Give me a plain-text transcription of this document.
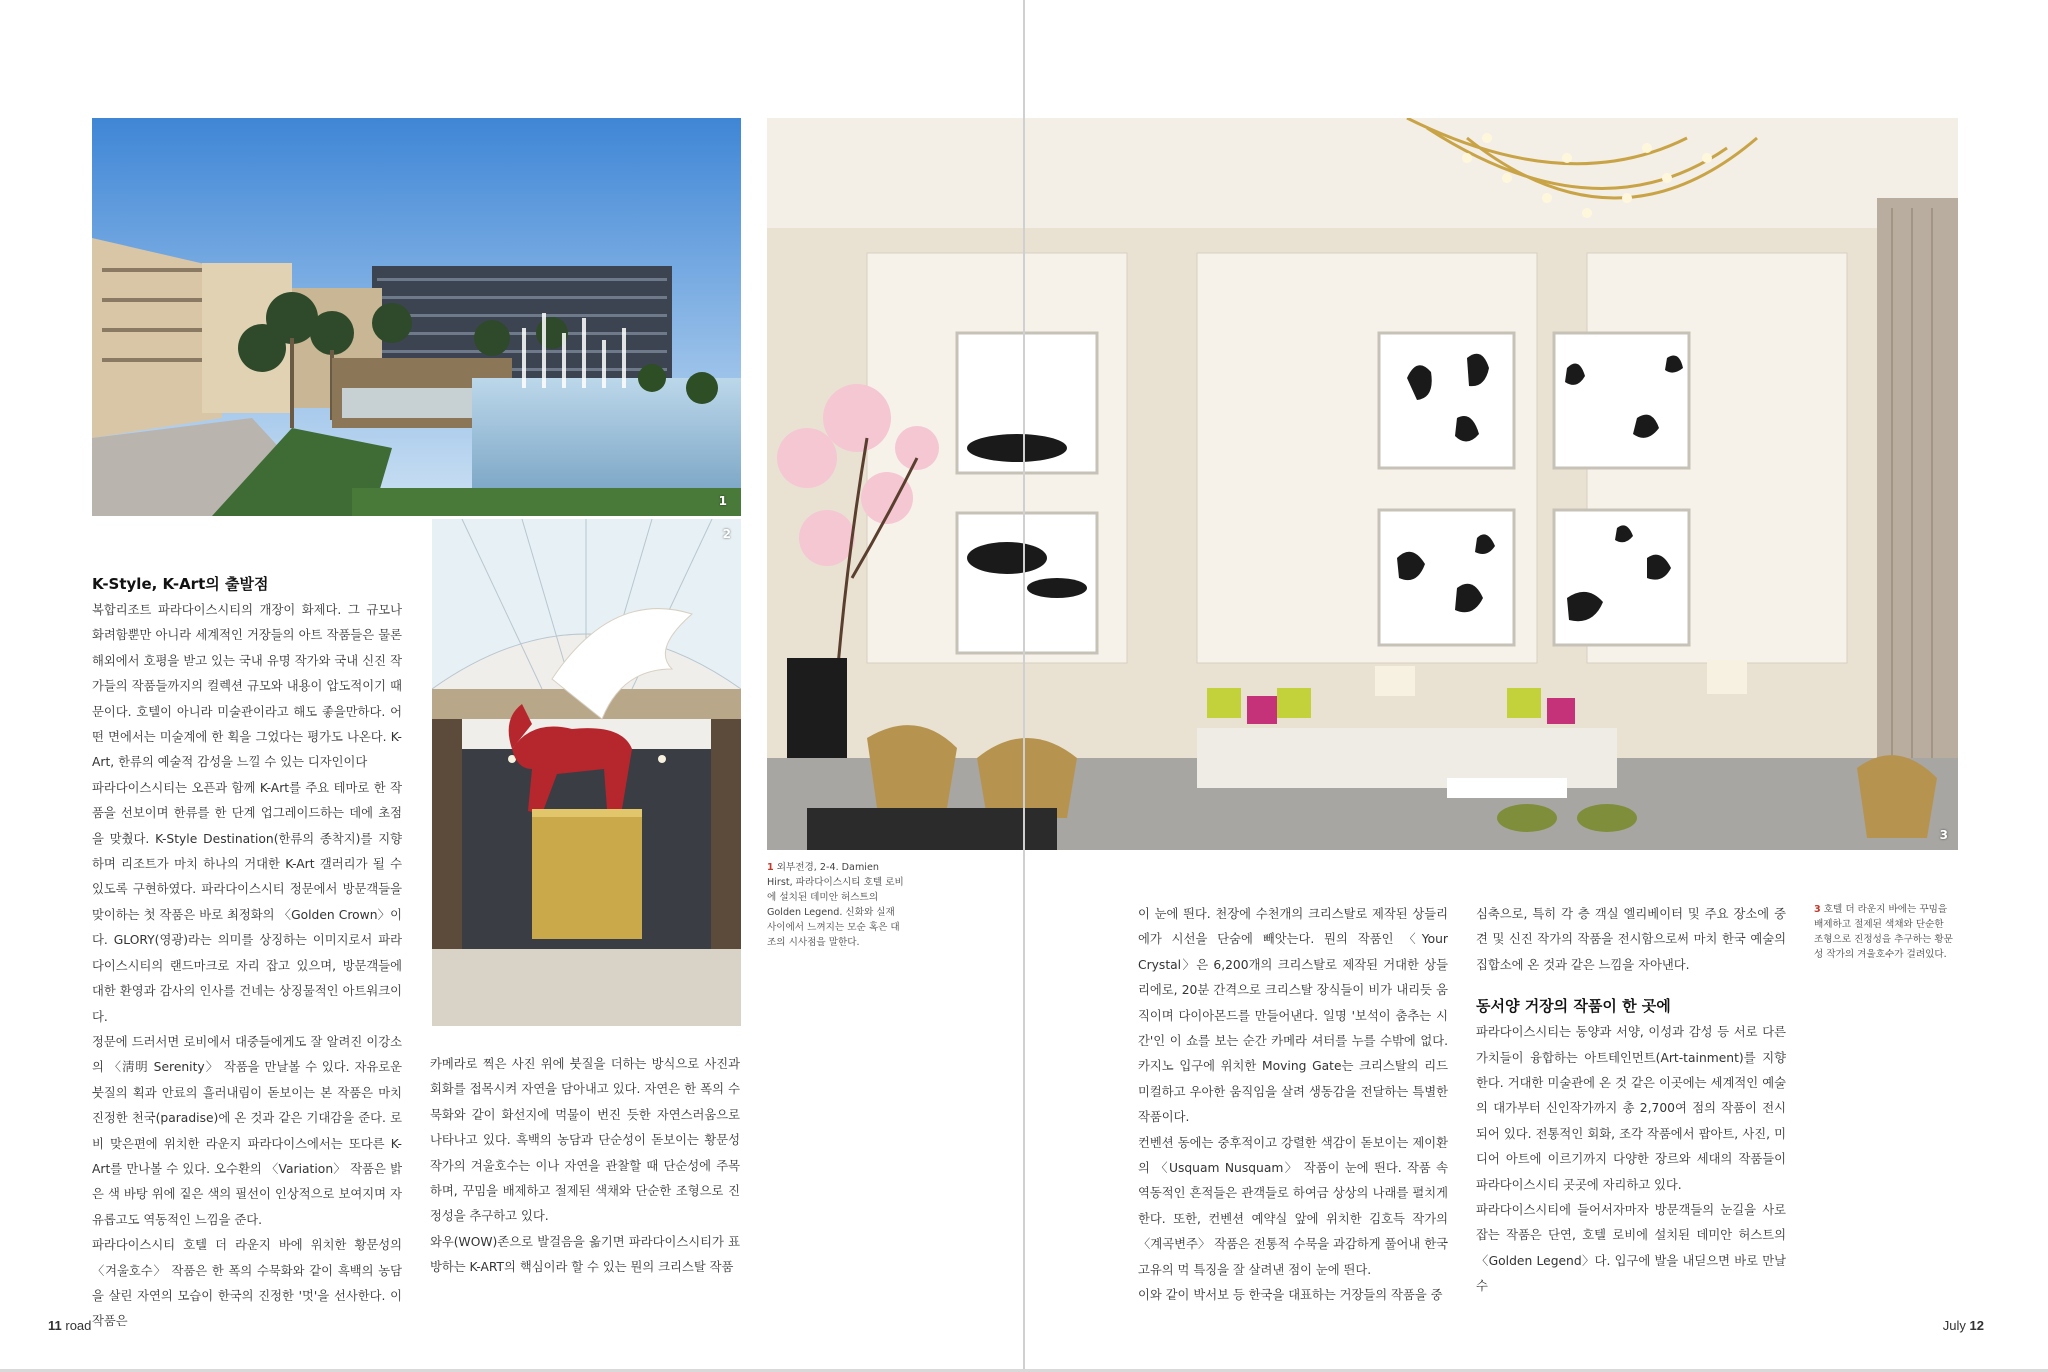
1
2
3
K-Style, K-Art의 출발점

복합리조트 파라다이스시티의 개장이 화제다. 그 규모나 화려함뿐만 아니라 세계적인 거장들의 아트 작품들은 물론 해외에서 호평을 받고 있는 국내 유명 작가와 국내 신진 작가들의 작품들까지의 컬렉션 규모와 내용이 압도적이기 때문이다. 호텔이 아니라 미술관이라고 해도 좋을만하다. 어떤 면에서는 미술계에 한 획을 그었다는 평가도 나온다. K-Art, 한류의 예술적 감성을 느낄 수 있는 디자인이다

파라다이스시티는 오픈과 함께 K-Art를 주요 테마로 한 작품을 선보이며 한류를 한 단계 업그레이드하는 데에 초점을 맞췄다. K-Style Destination(한류의 종착지)를 지향하며 리조트가 마치 하나의 거대한 K-Art 갤러리가 될 수 있도록 구현하였다. 파라다이스시티 정문에서 방문객들을 맞이하는 첫 작품은 바로 최정화의 〈Golden Crown〉이다. GLORY(영광)라는 의미를 상징하는 이미지로서 파라다이스시티의 랜드마크로 자리 잡고 있으며, 방문객들에 대한 환영과 감사의 인사를 건네는 상징물적인 아트워크이다.

정문에 드러서면 로비에서 대중들에게도 잘 알려진 이강소의 〈淸明 Serenity〉 작품을 만날볼 수 있다. 자유로운 붓질의 획과 안료의 흘러내림이 돋보이는 본 작품은 마치 진정한 천국(paradise)에 온 것과 같은 기대감을 준다. 로비 맞은편에 위치한 라운지 파라다이스에서는 또다른 K-Art를 만나볼 수 있다. 오수환의 〈Variation〉 작품은 밝은 색 바탕 위에 짙은 색의 필선이 인상적으로 보여지며 자유롭고도 역동적인 느낌을 준다.

파라다이스시티 호텔 더 라운지 바에 위치한 황문성의 〈겨울호수〉 작품은 한 폭의 수묵화와 같이 흑백의 농담을 살린 자연의 모습이 한국의 진정한 '멋'을 선사한다. 이 작품은

카메라로 찍은 사진 위에 붓질을 더하는 방식으로 사진과 회화를 접목시켜 자연을 담아내고 있다. 자연은 한 폭의 수묵화와 같이 화선지에 먹물이 번진 듯한 자연스러움으로 나타나고 있다. 흑백의 농담과 단순성이 돋보이는 황문성 작가의 겨울호수는 이나 자연을 관찰할 때 단순성에 주목하며, 꾸밈을 배제하고 절제된 색채와 단순한 조형으로 진정성을 추구하고 있다.

와우(WOW)존으로 발걸음을 옮기면 파라다이스시티가 표방하는 K-ART의 핵심이라 할 수 있는 뭔의 크리스탈 작품

1 외부전경, 2-4. Damien Hirst, 파라다이스시티 호텔 로비에 설치된 데미안 허스트의 Golden Legend. 신화와 실재 사이에서 느껴지는 모순 혹은 대조의 시사점을 말한다.

이 눈에 띈다. 천장에 수천개의 크리스탈로 제작된 상들리에가 시선을 단숨에 빼앗는다. 뭔의 작품인 〈Your Crystal〉은 6,200개의 크리스탈로 제작된 거대한 상들리에로, 20분 간격으로 크리스탈 장식들이 비가 내리듯 움직이며 다이아몬드를 만들어낸다. 일명 '보석이 춤추는 시간'인 이 쇼를 보는 순간 카메라 셔터를 누를 수밖에 없다. 카지노 입구에 위치한 Moving Gate는 크리스탈의 리드미컬하고 우아한 움직임을 살려 생동감을 전달하는 특별한 작품이다.

컨벤션 동에는 중후적이고 강렬한 색감이 돋보이는 제이환의 〈Usquam Nusquam〉 작품이 눈에 띈다. 작품 속 역동적인 흔적들은 관객들로 하여금 상상의 나래를 펼치게 한다. 또한, 컨벤션 예약실 앞에 위치한 김호득 작가의 〈계곡변주〉 작품은 전통적 수묵을 과감하게 풀어내 한국 고유의 먹 특징을 잘 살려낸 점이 눈에 띈다.

이와 같이 박서보 등 한국을 대표하는 거장들의 작품을 중

심축으로, 특히 각 층 객실 엘리베이터 및 주요 장소에 중견 및 신진 작가의 작품을 전시함으로써 마치 한국 예술의 집합소에 온 것과 같은 느낌을 자아낸다.

동서양 거장의 작품이 한 곳에

파라다이스시티는 동양과 서양, 이성과 감성 등 서로 다른 가치들이 융합하는 아트테인먼트(Art-tainment)를 지향한다. 거대한 미술관에 온 것 같은 이곳에는 세계적인 예술의 대가부터 신인작가까지 총 2,700여 점의 작품이 전시되어 있다. 전통적인 회화, 조각 작품에서 팝아트, 사진, 미디어 아트에 이르기까지 다양한 장르와 세대의 작품들이 파라다이스시티 곳곳에 자리하고 있다.

파라다이스시티에 들어서자마자 방문객들의 눈길을 사로잡는 작품은 단연, 호텔 로비에 설치된 데미안 허스트의 〈Golden Legend〉다. 입구에 발을 내딛으면 바로 만날 수

3 호텔 더 라운지 바에는 꾸밈을 배제하고 절제된 색채와 단순한 조형으로 진정성을 추구하는 황문성 작가의 겨울호수가 걸려있다.
11 road	July 12
